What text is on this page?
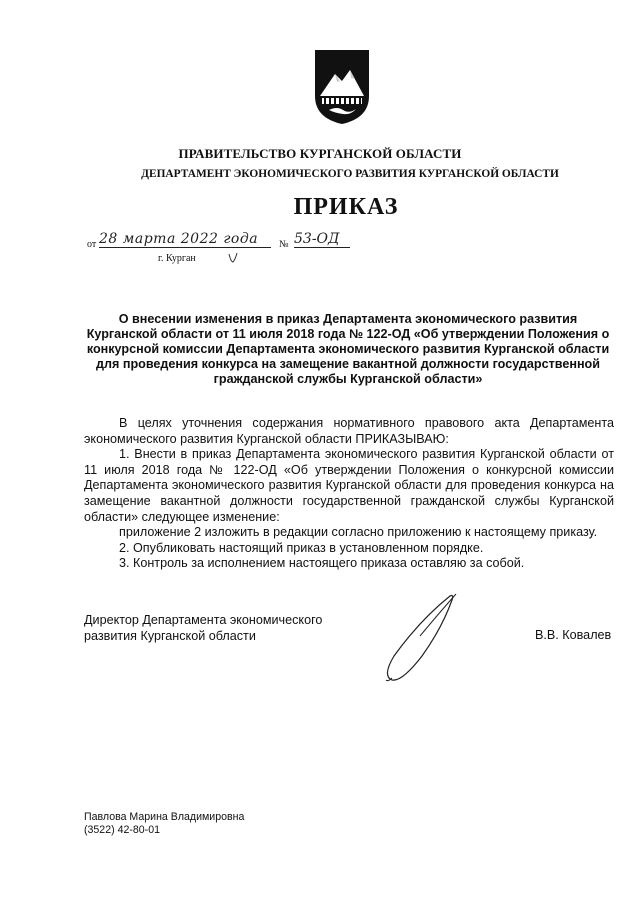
ПРАВИТЕЛЬСТВО КУРГАНСКОЙ ОБЛАСТИ
ДЕПАРТАМЕНТ ЭКОНОМИЧЕСКОГО РАЗВИТИЯ КУРГАНСКОЙ ОБЛАСТИ
ПРИКАЗ
от 28 марта 2022 года	№ 53-ОД
г. Курган
О внесении изменения в приказ Департамента экономического развития Курганской области от 11 июля 2018 года № 122-ОД «Об утверждении Положения о конкурсной комиссии Департамента экономического развития Курганской области для проведения конкурса на замещение вакантной должности государственной гражданской службы Курганской области»

В целях уточнения содержания нормативного правового акта Департамента экономического развития Курганской области ПРИКАЗЫВАЮ:

1. Внести в приказ Департамента экономического развития Курганской области от 11 июля 2018 года № 122-ОД «Об утверждении Положения о конкурсной комиссии Департамента экономического развития Курганской области для проведения конкурса на замещение вакантной должности государственной гражданской службы Курганской области» следующее изменение:

приложение 2 изложить в редакции согласно приложению к настоящему приказу.

2. Опубликовать настоящий приказ в установленном порядке.

3. Контроль за исполнением настоящего приказа оставляю за собой.

Директор Департамента экономического
развития Курганской области	В.В. Ковалев
Павлова Марина Владимировна
(3522) 42-80-01
